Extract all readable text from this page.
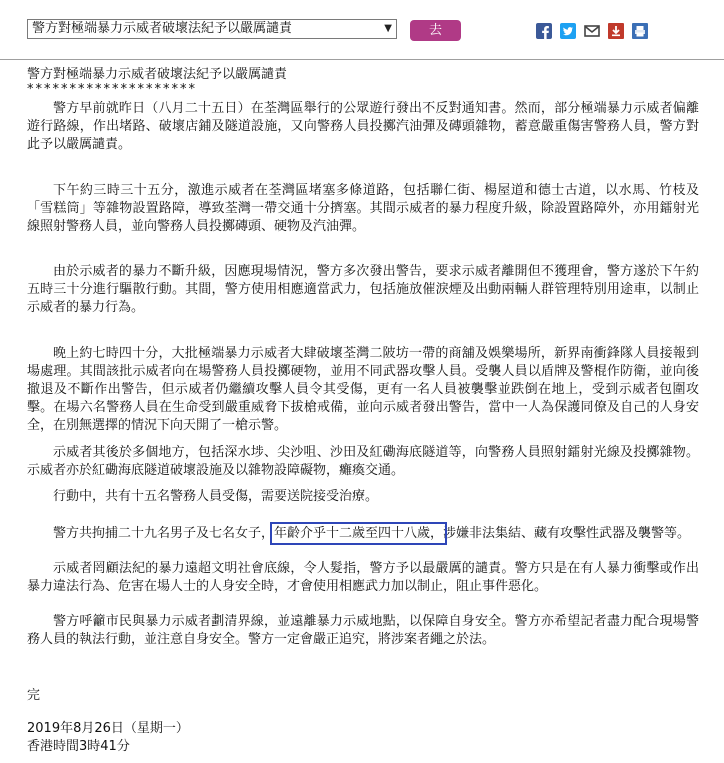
警方對極端暴力示威者破壞法紀予以嚴厲譴責	▼	去
警方對極端暴力示威者破壞法紀予以嚴厲譴責
********************

警方早前就昨日（八月二十五日）在荃灣區舉行的公眾遊行發出不反對通知書。然而，部分極端暴力示威者偏離遊行路線，作出堵路、破壞店鋪及隧道設施，又向警務人員投擲汽油彈及磚頭雜物，蓄意嚴重傷害警務人員，警方對此予以嚴厲譴責。

下午約三時三十五分，激進示威者在荃灣區堵塞多條道路，包括聯仁街、楊屋道和德士古道，以水馬、竹枝及「雪糕筒」等雜物設置路障，導致荃灣一帶交通十分擠塞。其間示威者的暴力程度升級，除設置路障外，亦用鐳射光線照射警務人員，並向警務人員投擲磚頭、硬物及汽油彈。

由於示威者的暴力不斷升級，因應現場情況，警方多次發出警告，要求示威者離開但不獲理會，警方遂於下午約五時三十分進行驅散行動。其間，警方使用相應適當武力，包括施放催淚煙及出動兩輛人群管理特別用途車，以制止示威者的暴力行為。

晚上約七時四十分，大批極端暴力示威者大肆破壞荃灣二陂坊一帶的商舖及娛樂場所，新界南衝鋒隊人員接報到場處理。其間該批示威者向在場警務人員投擲硬物，並用不同武器攻擊人員。受襲人員以盾牌及警棍作防衛，並向後撤退及不斷作出警告，但示威者仍繼續攻擊人員令其受傷，更有一名人員被襲擊並跌倒在地上，受到示威者包圍攻擊。在場六名警務人員在生命受到嚴重威脅下拔槍戒備，並向示威者發出警告，當中一人為保護同僚及自己的人身安全，在別無選擇的情況下向天開了一槍示警。

示威者其後於多個地方，包括深水埗、尖沙咀、沙田及紅磡海底隧道等，向警務人員照射鐳射光線及投擲雜物。示威者亦於紅磡海底隧道破壞設施及以雜物設障礙物，癱瘓交通。

行動中，共有十五名警務人員受傷，需要送院接受治療。

警方共拘捕二十九名男子及七名女子，年齡介乎十二歲至四十八歲，涉嫌非法集結、藏有攻擊性武器及襲警等。

示威者罔顧法紀的暴力遠超文明社會底線，令人髮指，警方予以最嚴厲的譴責。警方只是在有人暴力衝擊或作出暴力違法行為、危害在場人士的人身安全時，才會使用相應武力加以制止，阻止事件惡化。

警方呼籲市民與暴力示威者劃清界線，並遠離暴力示威地點，以保障自身安全。警方亦希望記者盡力配合現場警務人員的執法行動，並注意自身安全。警方一定會嚴正追究，將涉案者繩之於法。

完
2019年8月26日（星期一）
香港時間3時41分
